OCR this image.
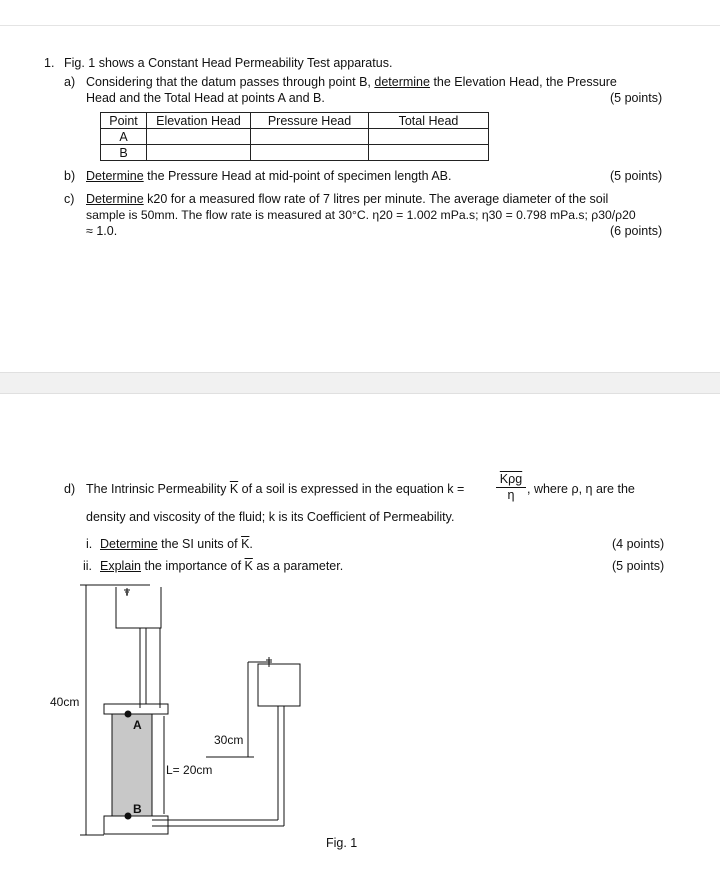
1. Fig. 1 shows a Constant Head Permeability Test apparatus.
a) Considering that the datum passes through point B, determine the Elevation Head, the Pressure
Head and the Total Head at points A and B.	(5 points)
Point	Elevation Head	Pressure Head	Total Head
A			
B			
b) Determine the Pressure Head at mid-point of specimen length AB.	(5 points)
c) Determine k20 for a measured flow rate of 7 litres per minute. The average diameter of the soil
sample is 50mm. The flow rate is measured at 30°C. η20 = 1.002 mPa.s; η30 = 0.798 mPa.s; ρ30/ρ20
≈ 1.0.	(6 points)
d) The Intrinsic Permeability $\overline{K}$ of a soil is expressed in the equation k =
$\overline{K\rho g}$
η	, where ρ, η are the
density and viscosity of the fluid; k is its Coefficient of Permeability.
i. Determine the SI units of $\overline{K}$.	(4 points)
ii. Explain the importance of $\overline{K}$ as a parameter.	(5 points)
40cm
30cm
L= 20cm
A
B
Fig. 1
